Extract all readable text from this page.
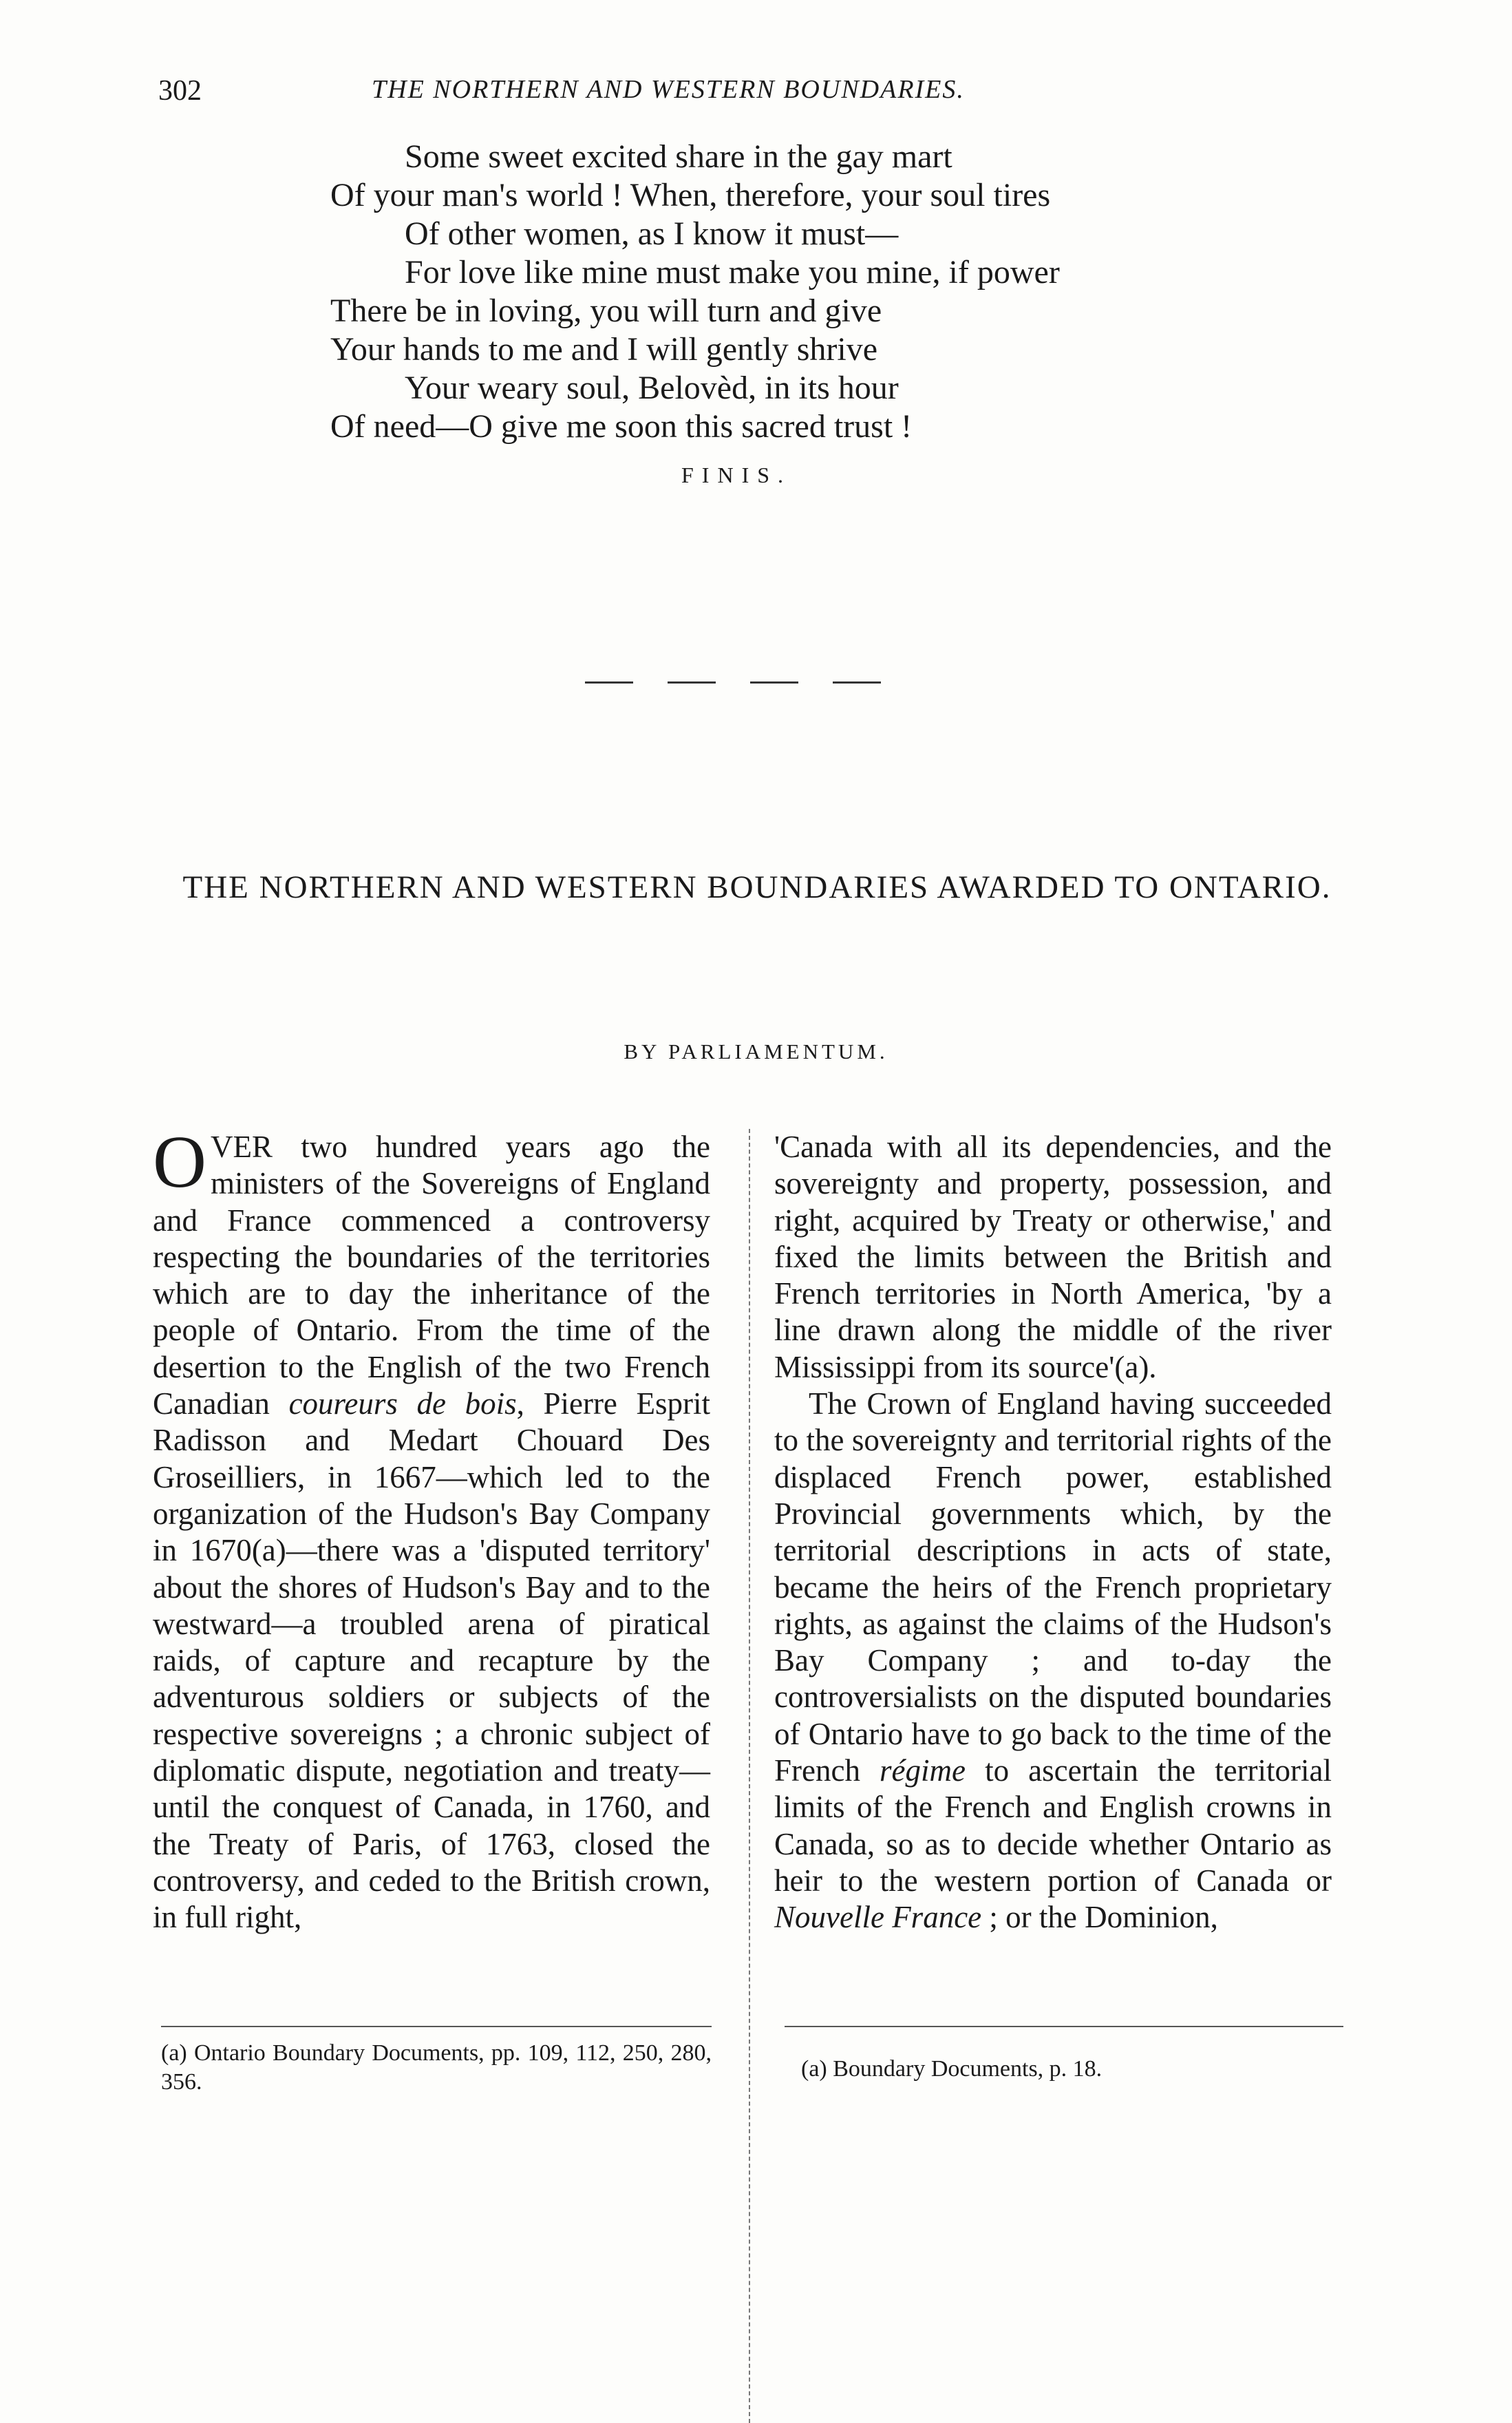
302	THE NORTHERN AND WESTERN BOUNDARIES.
Some sweet excited share in the gay mart
Of your man's world ! When, therefore, your soul tires
Of other women, as I know it must—
For love like mine must make you mine, if power
There be in loving, you will turn and give
Your hands to me and I will gently shrive
Your weary soul, Belovèd, in its hour
Of need—O give me soon this sacred trust !
FINIS.
THE NORTHERN AND WESTERN BOUNDARIES AWARDED TO ONTARIO.
BY PARLIAMENTUM.

OVER two hundred years ago the ministers of the Sovereigns of England and France commenced a controversy respecting the boundaries of the territories which are to day the inheritance of the people of Ontario. From the time of the desertion to the English of the two French Canadian coureurs de bois, Pierre Esprit Radisson and Medart Chouard Des Groseilliers, in 1667—which led to the organization of the Hudson's Bay Company in 1670(a)—there was a 'disputed territory' about the shores of Hudson's Bay and to the westward—a troubled arena of piratical raids, of capture and recapture by the adventurous soldiers or subjects of the respective sovereigns ; a chronic subject of diplomatic dispute, negotiation and treaty—until the conquest of Canada, in 1760, and the Treaty of Paris, of 1763, closed the controversy, and ceded to the British crown, in full right,

'Canada with all its dependencies, and the sovereignty and property, possession, and right, acquired by Treaty or otherwise,' and fixed the limits between the British and French territories in North America, 'by a line drawn along the middle of the river Mississippi from its source'(a).

The Crown of England having succeeded to the sovereignty and territorial rights of the displaced French power, established Provincial governments which, by the territorial descriptions in acts of state, became the heirs of the French proprietary rights, as against the claims of the Hudson's Bay Company ; and to-day the controversialists on the disputed boundaries of Ontario have to go back to the time of the French régime to ascertain the territorial limits of the French and English crowns in Canada, so as to decide whether Ontario as heir to the western portion of Canada or Nouvelle France ; or the Dominion,

(a) Ontario Boundary Documents, pp. 109, 112, 250, 280, 356.
(a) Boundary Documents, p. 18.
